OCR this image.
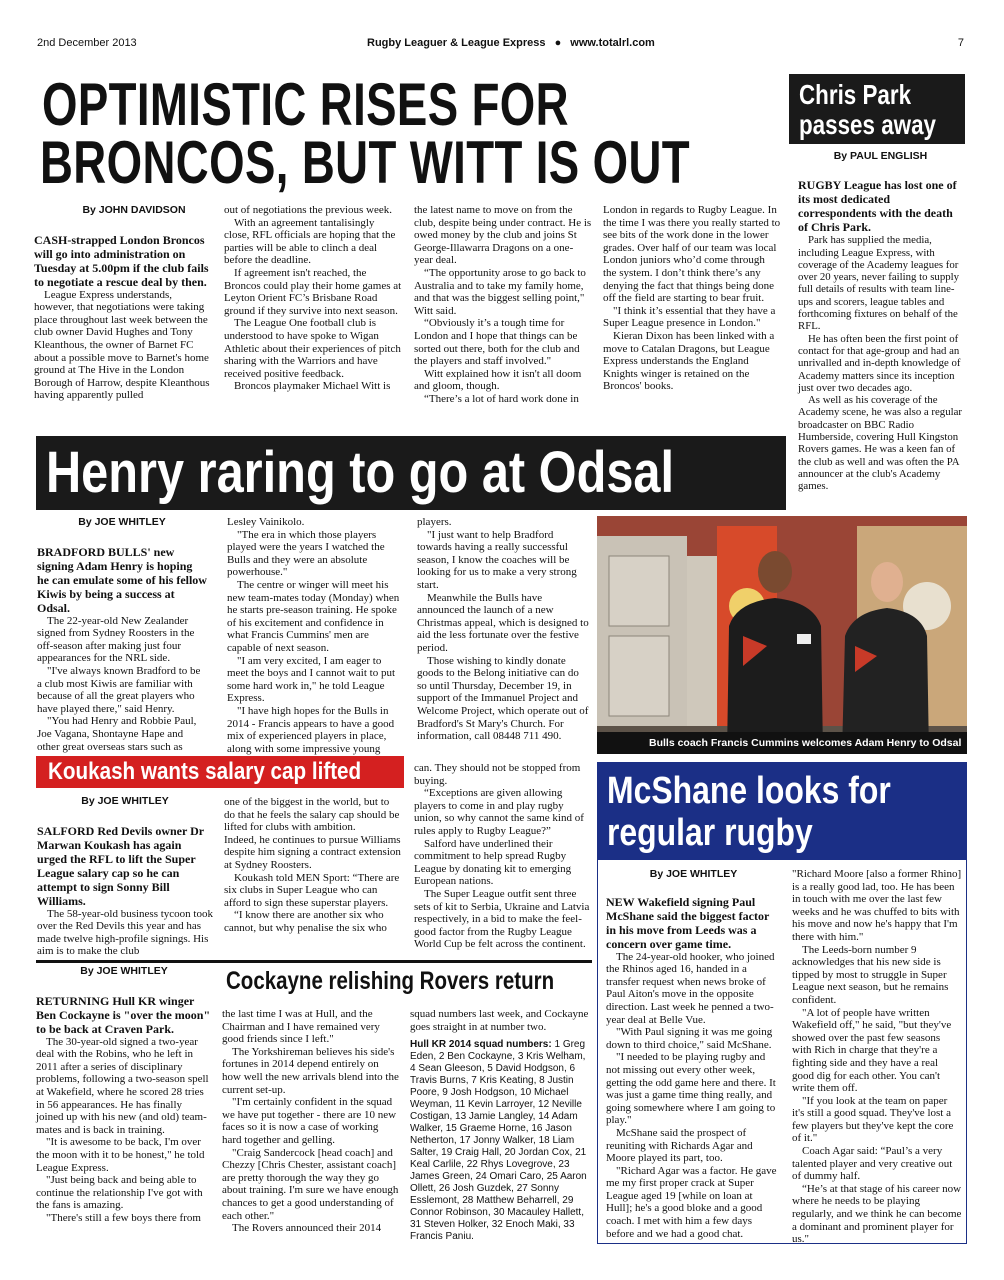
2nd December 2013	Rugby Leaguer & League Express ● www.totalrl.com	7
OPTIMISTIC RISES FOR
BRONCOS, BUT WITT IS OUT
By JOHN DAVIDSON

CASH-strapped London Broncos will go into administration on Tuesday at 5.00pm if the club fails to negotiate a rescue deal by then.

League Express understands, however, that negotiations were taking place throughout last week between the club owner David Hughes and Tony Kleanthous, the owner of Barnet FC about a possible move to Barnet's home ground at The Hive in the London Borough of Harrow, despite Kleanthous having apparently pulled

out of negotiations the previous week.

With an agreement tantalisingly close, RFL officials are hoping that the parties will be able to clinch a deal before the deadline.

If agreement isn't reached, the Broncos could play their home games at Leyton Orient FC’s Brisbane Road ground if they survive into next season.

The League One football club is understood to have spoke to Wigan Athletic about their experiences of pitch sharing with the Warriors and have received positive feedback.

Broncos playmaker Michael Witt is

the latest name to move on from the club, despite being under contract. He is owed money by the club and joins St George-Illawarra Dragons on a one-year deal.

“The opportunity arose to go back to Australia and to take my family home, and that was the biggest selling point," Witt said.

“Obviously it’s a tough time for London and I hope that things can be sorted out there, both for the club and the players and staff involved."

Witt explained how it isn't all doom and gloom, though.

“There’s a lot of hard work done in

London in regards to Rugby League. In the time I was there you really started to see bits of the work done in the lower grades. Over half of our team was local London juniors who’d come through the system. I don’t think there’s any denying the fact that things being done off the field are starting to bear fruit.

"I think it’s essential that they have a Super League presence in London."

Kieran Dixon has been linked with a move to Catalan Dragons, but League Express understands the England Knights winger is retained on the Broncos' books.

Chris Park
passes away
By PAUL ENGLISH

RUGBY League has lost one of its most dedicated correspondents with the death of Chris Park.

Park has supplied the media, including League Express, with coverage of the Academy leagues for over 20 years, never failing to supply full details of results with team line-ups and scorers, league tables and forthcoming fixtures on behalf of the RFL.

He has often been the first point of contact for that age-group and had an unrivalled and in-depth knowledge of Academy matters since its inception just over two decades ago.

As well as his coverage of the Academy scene, he was also a regular broadcaster on BBC Radio Humberside, covering Hull Kingston Rovers games. He was a keen fan of the club as well and was often the PA announcer at the club's Academy games.

Henry raring to go at Odsal
By JOE WHITLEY

BRADFORD BULLS' new signing Adam Henry is hoping he can emulate some of his fellow Kiwis by being a success at Odsal.

The 22-year-old New Zealander signed from Sydney Roosters in the off-season after making just four appearances for the NRL side.

"I've always known Bradford to be a club most Kiwis are familiar with because of all the great players who have played there," said Henry.

"You had Henry and Robbie Paul, Joe Vagana, Shontayne Hape and other great overseas stars such as

Lesley Vainikolo.

"The era in which those players played were the years I watched the Bulls and they were an absolute powerhouse."

The centre or winger will meet his new team-mates today (Monday) when he starts pre-season training. He spoke of his excitement and confidence in what Francis Cummins' men are capable of next season.

"I am very excited, I am eager to meet the boys and I cannot wait to put some hard work in," he told League Express.

"I have high hopes for the Bulls in 2014 - Francis appears to have a good mix of experienced players in place, along with some impressive young

players.

"I just want to help Bradford towards having a really successful season, I know the coaches will be looking for us to make a very strong start.

Meanwhile the Bulls have announced the launch of a new Christmas appeal, which is designed to aid the less fortunate over the festive period.

Those wishing to kindly donate goods to the Belong initiative can do so until Thursday, December 19, in support of the Immanuel Project and Welcome Project, which operate out of Bradford's St Mary's Church. For information, call 08448 711 490.

Bulls coach Francis Cummins welcomes Adam Henry to Odsal
Koukash wants salary cap lifted
By JOE WHITLEY

SALFORD Red Devils owner Dr Marwan Koukash has again urged the RFL to lift the Super League salary cap so he can attempt to sign Sonny Bill Williams.

The 58-year-old business tycoon took over the Red Devils this year and has made twelve high-profile signings. His aim is to make the club

one of the biggest in the world, but to do that he feels the salary cap should be lifted for clubs with ambition.

Indeed, he continues to pursue Williams despite him signing a contract extension at Sydney Roosters.

Koukash told MEN Sport: “There are six clubs in Super League who can afford to sign these superstar players.

“I know there are another six who cannot, but why penalise the six who

can. They should not be stopped from buying.

“Exceptions are given allowing players to come in and play rugby union, so why cannot the same kind of rules apply to Rugby League?”

Salford have underlined their commitment to help spread Rugby League by donating kit to emerging European nations.

The Super League outfit sent three sets of kit to Serbia, Ukraine and Latvia respectively, in a bid to make the feel-good factor from the Rugby League World Cup be felt across the continent.

McShane looks for
regular rugby
By JOE WHITLEY

NEW Wakefield signing Paul McShane said the biggest factor in his move from Leeds was a concern over game time.

The 24-year-old hooker, who joined the Rhinos aged 16, handed in a transfer request when news broke of Paul Aiton's move in the opposite direction. Last week he penned a two-year deal at Belle Vue.

"With Paul signing it was me going down to third choice," said McShane.

"I needed to be playing rugby and not missing out every other week, getting the odd game here and there. It was just a game time thing really, and going somewhere where I am going to play."

McShane said the prospect of reuniting with Richards Agar and Moore played its part, too.

"Richard Agar was a factor. He gave me my first proper crack at Super League aged 19 [while on loan at Hull]; he's a good bloke and a good coach. I met with him a few days before and we had a good chat.

"Richard Moore [also a former Rhino] is a really good lad, too. He has been in touch with me over the last few weeks and he was chuffed to bits with his move and now he's happy that I'm there with him."

The Leeds-born number 9 acknowledges that his new side is tipped by most to struggle in Super League next season, but he remains confident.

"A lot of people have written Wakefield off," he said, "but they've showed over the past few seasons with Rich in charge that they're a fighting side and they have a real good dig for each other. You can't write them off.

"If you look at the team on paper it's still a good squad. They've lost a few players but they've kept the core of it."

Coach Agar said: “Paul’s a very talented player and very creative out of dummy half.

“He’s at that stage of his career now where he needs to be playing regularly, and we think he can become a dominant and prominent player for us."

Cockayne relishing Rovers return
By JOE WHITLEY

RETURNING Hull KR winger Ben Cockayne is "over the moon" to be back at Craven Park.

The 30-year-old signed a two-year deal with the Robins, who he left in 2011 after a series of disciplinary problems, following a two-season spell at Wakefield, where he scored 28 tries in 56 appearances. He has finally joined up with his new (and old) team-mates and is back in training.

"It is awesome to be back, I'm over the moon with it to be honest," he told League Express.

"Just being back and being able to continue the relationship I've got with the fans is amazing.

"There's still a few boys there from

the last time I was at Hull, and the Chairman and I have remained very good friends since I left."

The Yorkshireman believes his side's fortunes in 2014 depend entirely on how well the new arrivals blend into the current set-up.

"I'm certainly confident in the squad we have put together - there are 10 new faces so it is now a case of working hard together and gelling.

"Craig Sandercock [head coach] and Chezzy [Chris Chester, assistant coach] are pretty thorough the way they go about training. I'm sure we have enough chances to get a good understanding of each other."

The Rovers announced their 2014

squad numbers last week, and Cockayne goes straight in at number two.

Hull KR 2014 squad numbers: 1 Greg Eden, 2 Ben Cockayne, 3 Kris Welham, 4 Sean Gleeson, 5 David Hodgson, 6 Travis Burns, 7 Kris Keating, 8 Justin Poore, 9 Josh Hodgson, 10 Michael Weyman, 11 Kevin Larroyer, 12 Neville Costigan, 13 Jamie Langley, 14 Adam Walker, 15 Graeme Horne, 16 Jason Netherton, 17 Jonny Walker, 18 Liam Salter, 19 Craig Hall, 20 Jordan Cox, 21 Keal Carlile, 22 Rhys Lovegrove, 23 James Green, 24 Omari Caro, 25 Aaron Ollett, 26 Josh Guzdek, 27 Sonny Esslemont, 28 Matthew Beharrell, 29 Connor Robinson, 30 Macauley Hallett, 31 Steven Holker, 32 Enoch Maki, 33 Francis Paniu.
